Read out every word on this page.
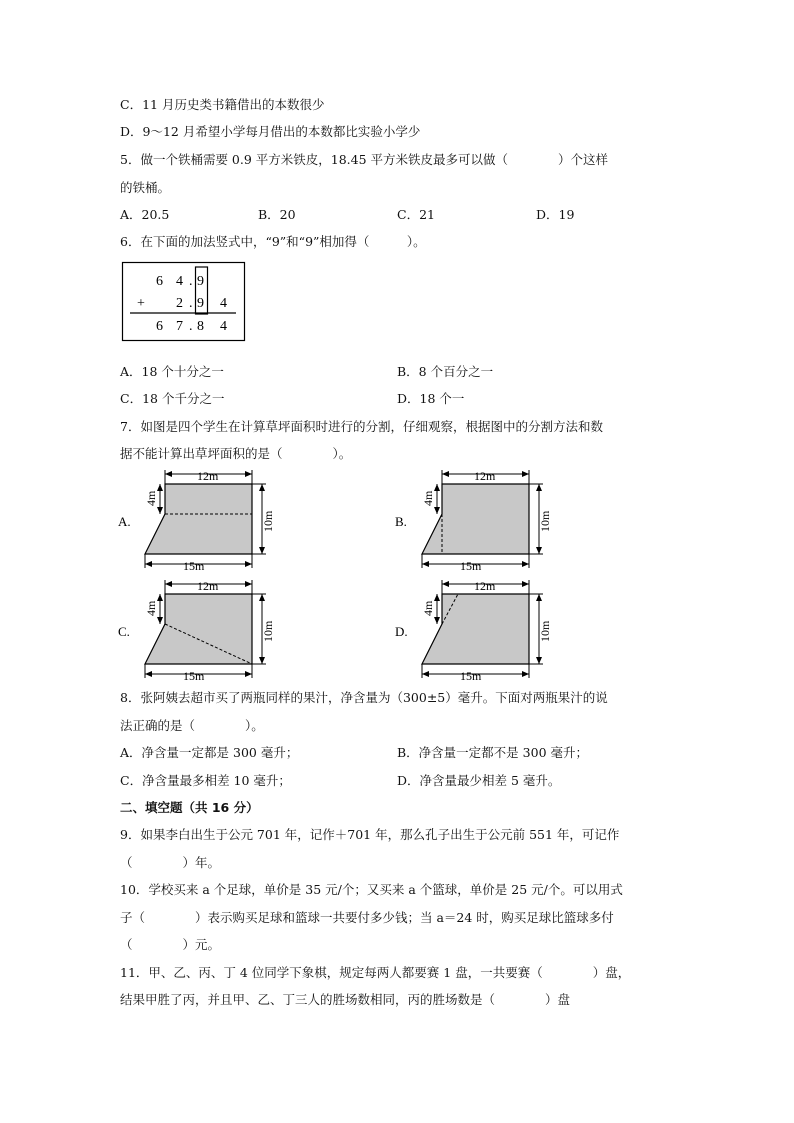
C．11 月历史类书籍借出的本数很少
D．9～12 月希望小学每月借出的本数都比实验小学少
5．做一个铁桶需要 0.9 平方米铁皮，18.45 平方米铁皮最多可以做（　　　　）个这样
的铁桶。
A．20.5	B．20	C．21	D．19
6．在下面的加法竖式中，“9”和“9”相加得（　　　）。
6 4 . 9
+ 2 . 9 4
6 7 . 8 4
A．18 个十分之一	B．8 个百分之一
C．18 个千分之一	D．18 个一
7．如图是四个学生在计算草坪面积时进行的分割，仔细观察，根据图中的分割方法和数
据不能计算出草坪面积的是（　　　　）。
A.
12m
4m
10m
15m
B.
12m
4m
10m
15m
C.
12m
4m
10m
15m
D.
12m
4m
10m
15m
8．张阿姨去超市买了两瓶同样的果汁，净含量为（300±5）毫升。下面对两瓶果汁的说
法正确的是（　　　　）。
A．净含量一定都是 300 毫升；	B．净含量一定都不是 300 毫升；
C．净含量最多相差 10 毫升；	D．净含量最少相差 5 毫升。
二、填空题（共 16 分）
9．如果李白出生于公元 701 年，记作＋701 年，那么孔子出生于公元前 551 年，可记作
（　　　　）年。
10．学校买来 a 个足球，单价是 35 元/个；又买来 a 个篮球，单价是 25 元/个。可以用式
子（　　　　）表示购买足球和篮球一共要付多少钱；当 a＝24 时，购买足球比篮球多付
（　　　　）元。
11．甲、乙、丙、丁 4 位同学下象棋，规定每两人都要赛 1 盘，一共要赛（　　　　）盘，
结果甲胜了丙，并且甲、乙、丁三人的胜场数相同，丙的胜场数是（　　　　）盘
